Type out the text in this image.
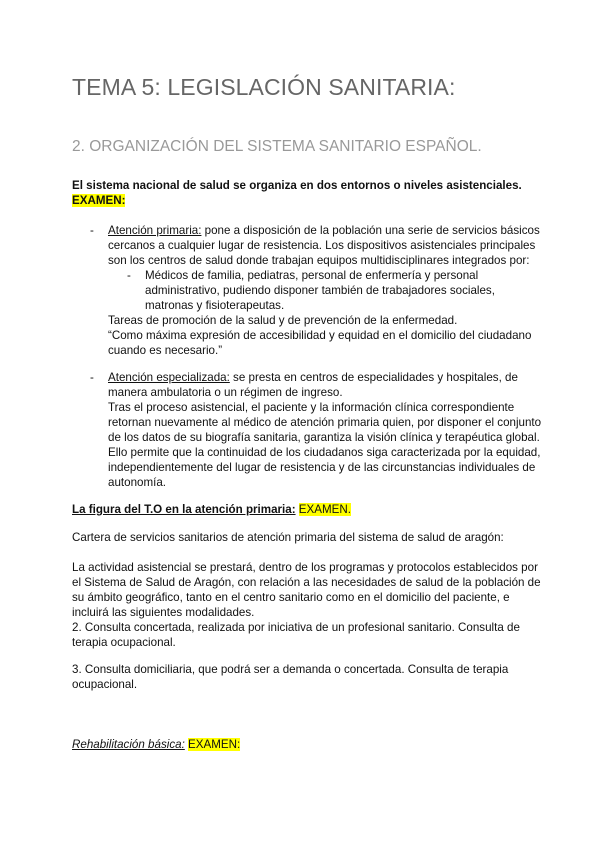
TEMA 5: LEGISLACIÓN SANITARIA:
2. ORGANIZACIÓN DEL SISTEMA SANITARIO ESPAÑOL.
El sistema nacional de salud se organiza en dos entornos o niveles asistenciales.
EXAMEN:
- Atención primaria: pone a disposición de la población una serie de servicios básicos
cercanos a cualquier lugar de resistencia. Los dispositivos asistenciales principales
son los centros de salud donde trabajan equipos multidisciplinares integrados por:
- Médicos de familia, pediatras, personal de enfermería y personal
administrativo, pudiendo disponer también de trabajadores sociales,
matronas y fisioterapeutas.
Tareas de promoción de la salud y de prevención de la enfermedad.
“Como máxima expresión de accesibilidad y equidad en el domicilio del ciudadano
cuando es necesario.”
- Atención especializada: se presta en centros de especialidades y hospitales, de
manera ambulatoria o un régimen de ingreso.
Tras el proceso asistencial, el paciente y la información clínica correspondiente
retornan nuevamente al médico de atención primaria quien, por disponer el conjunto
de los datos de su biografía sanitaria, garantiza la visión clínica y terapéutica global.
Ello permite que la continuidad de los ciudadanos siga caracterizada por la equidad,
independientemente del lugar de resistencia y de las circunstancias individuales de
autonomía.
La figura del T.O en la atención primaria: EXAMEN.
Cartera de servicios sanitarios de atención primaria del sistema de salud de aragón:
La actividad asistencial se prestará, dentro de los programas y protocolos establecidos por
el Sistema de Salud de Aragón, con relación a las necesidades de salud de la población de
su ámbito geográfico, tanto en el centro sanitario como en el domicilio del paciente, e
incluirá las siguientes modalidades.
2. Consulta concertada, realizada por iniciativa de un profesional sanitario. Consulta de
terapia ocupacional.
3. Consulta domiciliaria, que podrá ser a demanda o concertada. Consulta de terapia
ocupacional.
Rehabilitación básica: EXAMEN:
